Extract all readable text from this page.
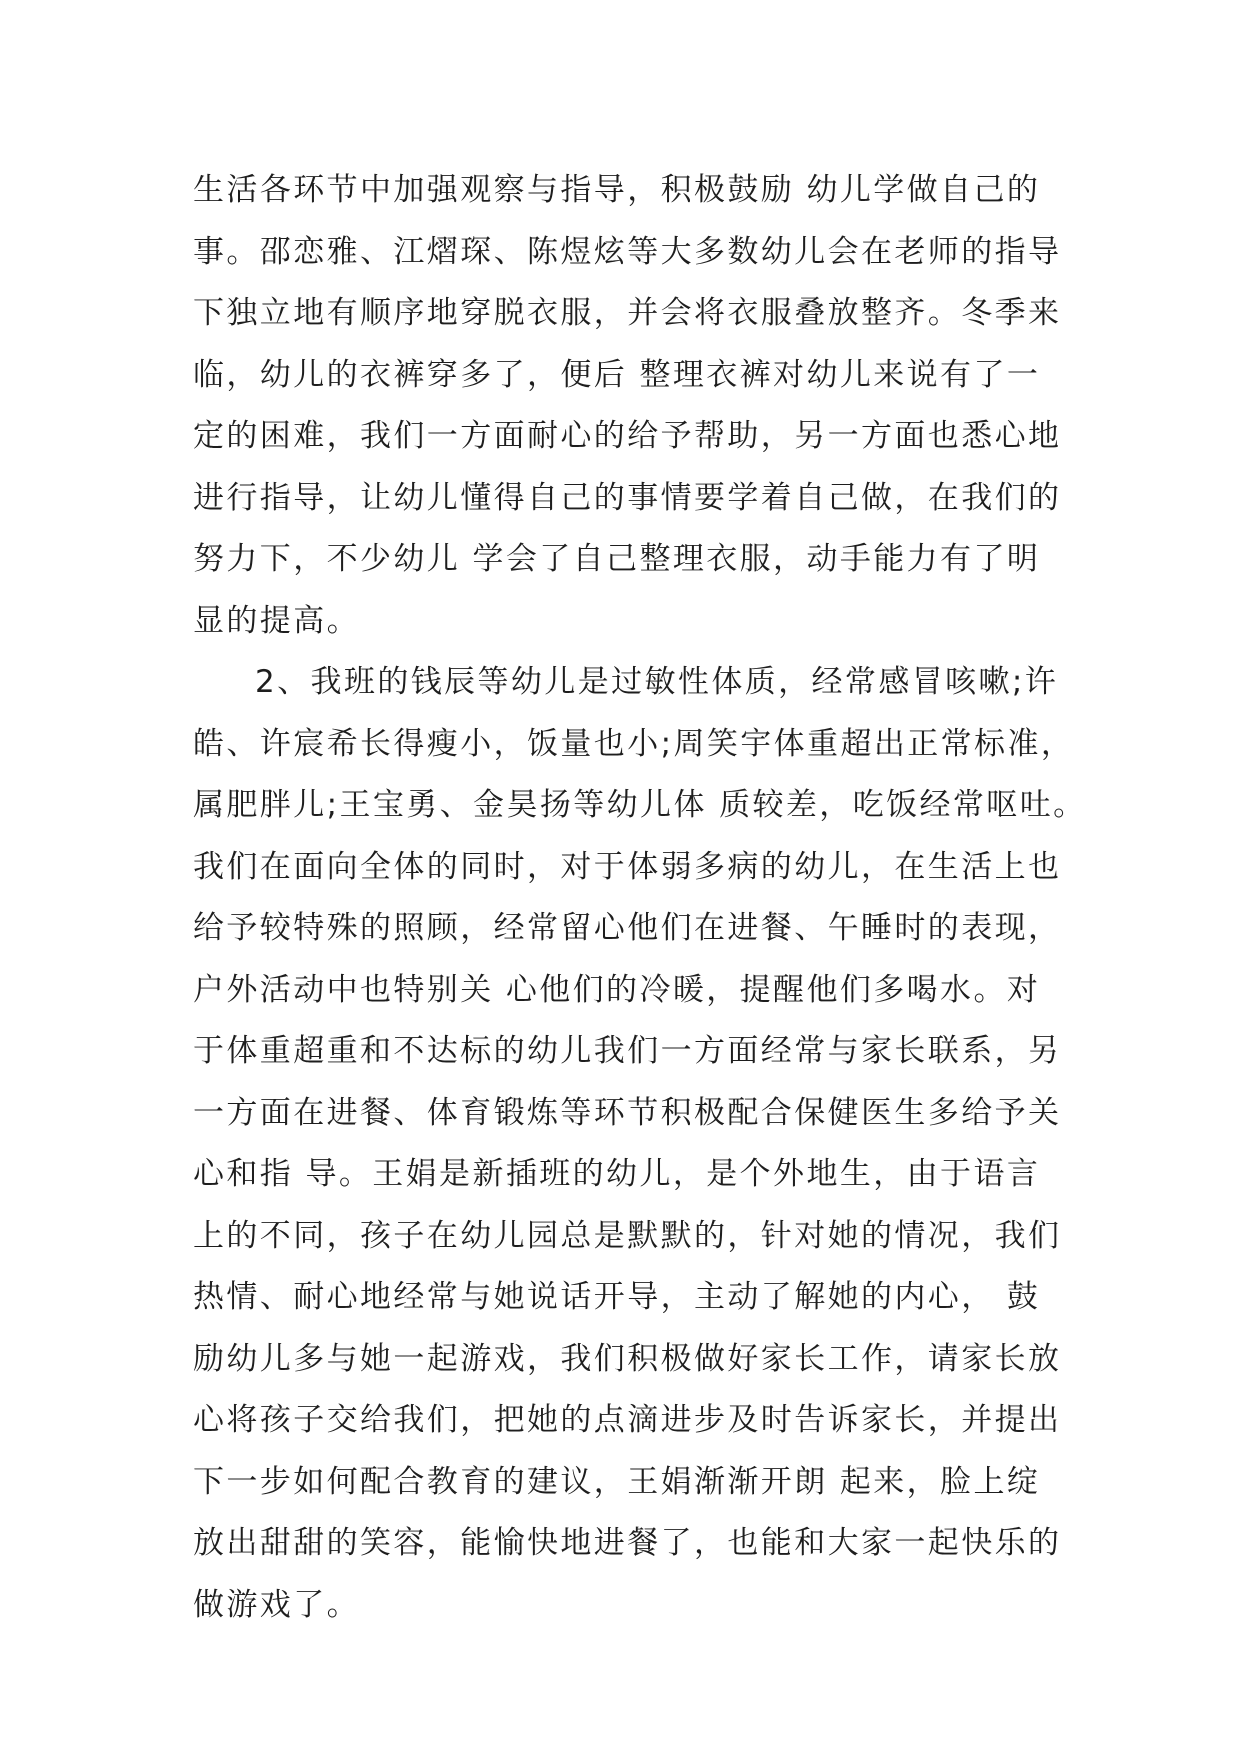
生活各环节中加强观察与指导，积极鼓励 幼儿学做自己的
事。邵恋雅、江熠琛、陈煜炫等大多数幼儿会在老师的指导
下独立地有顺序地穿脱衣服，并会将衣服叠放整齐。冬季来
临，幼儿的衣裤穿多了，便后 整理衣裤对幼儿来说有了一
定的困难，我们一方面耐心的给予帮助，另一方面也悉心地
进行指导，让幼儿懂得自己的事情要学着自己做，在我们的
努力下，不少幼儿 学会了自己整理衣服，动手能力有了明
显的提高。
2、我班的钱辰等幼儿是过敏性体质，经常感冒咳嗽;许
皓、许宸希长得瘦小，饭量也小;周笑宇体重超出正常标准，
属肥胖儿;王宝勇、金昊扬等幼儿体 质较差，吃饭经常呕吐。
我们在面向全体的同时，对于体弱多病的幼儿，在生活上也
给予较特殊的照顾，经常留心他们在进餐、午睡时的表现，
户外活动中也特别关 心他们的冷暖，提醒他们多喝水。对
于体重超重和不达标的幼儿我们一方面经常与家长联系，另
一方面在进餐、体育锻炼等环节积极配合保健医生多给予关
心和指 导。王娟是新插班的幼儿，是个外地生，由于语言
上的不同，孩子在幼儿园总是默默的，针对她的情况，我们
热情、耐心地经常与她说话开导，主动了解她的内心， 鼓
励幼儿多与她一起游戏，我们积极做好家长工作，请家长放
心将孩子交给我们，把她的点滴进步及时告诉家长，并提出
下一步如何配合教育的建议，王娟渐渐开朗 起来，脸上绽
放出甜甜的笑容，能愉快地进餐了，也能和大家一起快乐的
做游戏了。
